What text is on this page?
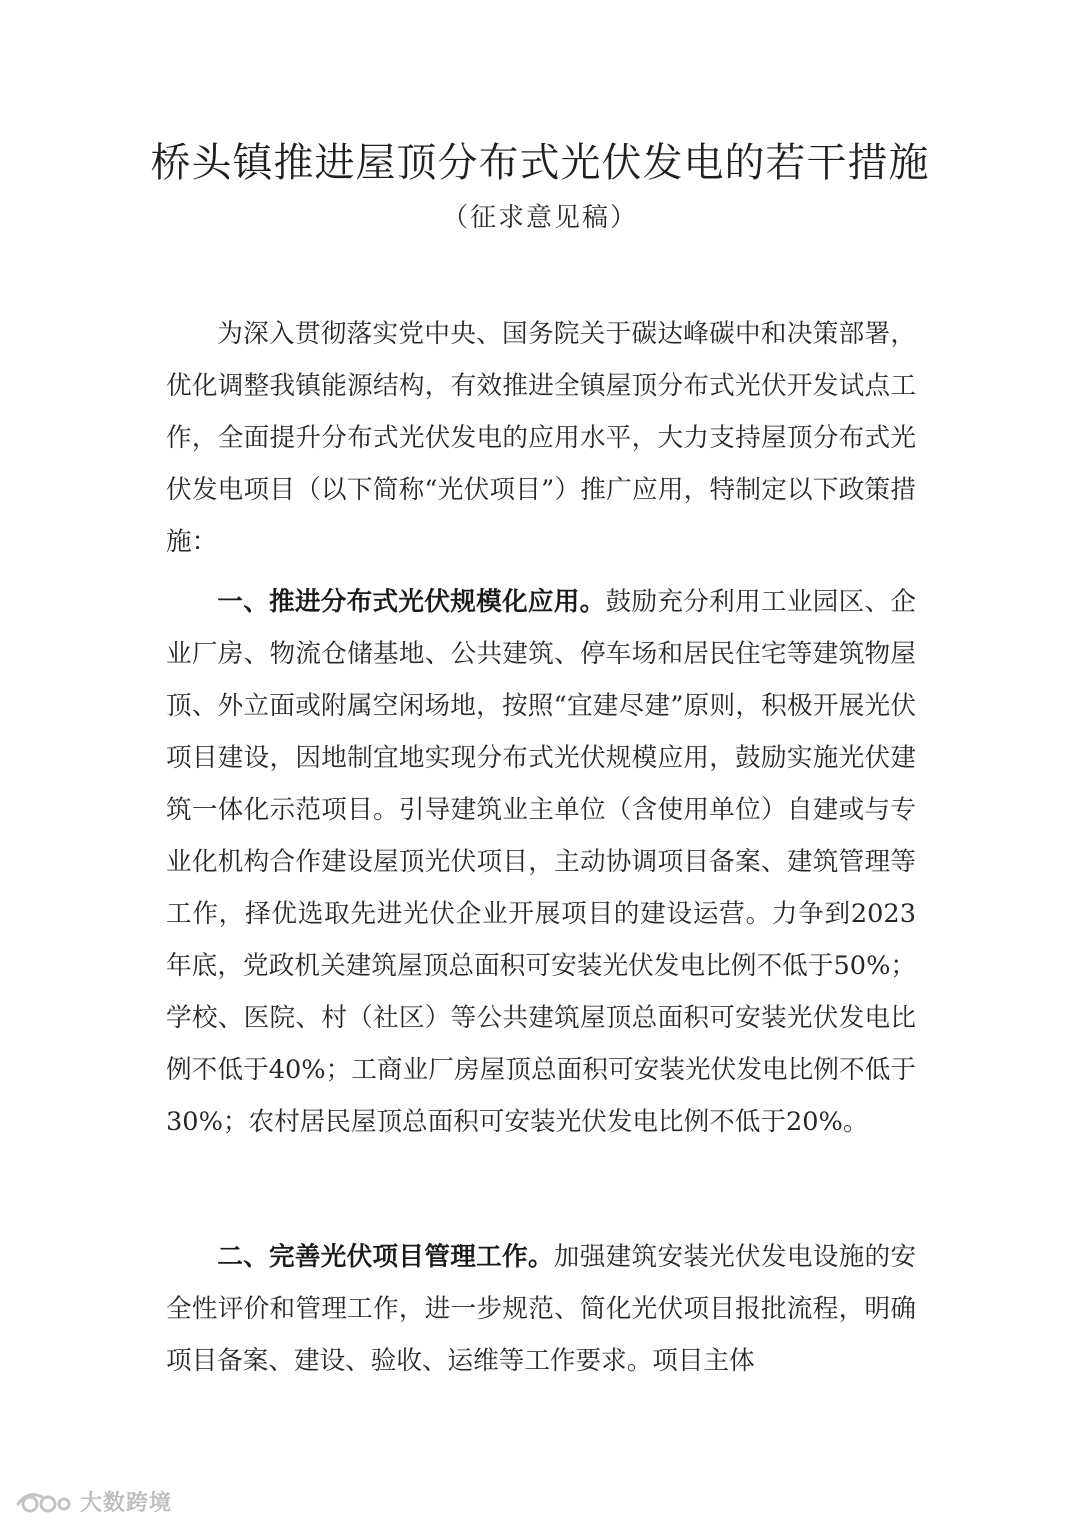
桥头镇推进屋顶分布式光伏发电的若干措施
（征求意见稿）

为深入贯彻落实党中央、国务院关于碳达峰碳中和决策部署，优化调整我镇能源结构，有效推进全镇屋顶分布式光伏开发试点工作，全面提升分布式光伏发电的应用水平，大力支持屋顶分布式光伏发电项目（以下简称“光伏项目”）推广应用，特制定以下政策措施：

一、推进分布式光伏规模化应用。鼓励充分利用工业园区、企业厂房、物流仓储基地、公共建筑、停车场和居民住宅等建筑物屋顶、外立面或附属空闲场地，按照“宜建尽建”原则，积极开展光伏项目建设，因地制宜地实现分布式光伏规模应用，鼓励实施光伏建筑一体化示范项目。引导建筑业主单位（含使用单位）自建或与专业化机构合作建设屋顶光伏项目，主动协调项目备案、建筑管理等工作，择优选取先进光伏企业开展项目的建设运营。力争到2023年底，党政机关建筑屋顶总面积可安装光伏发电比例不低于50%；学校、医院、村（社区）等公共建筑屋顶总面积可安装光伏发电比例不低于40%；工商业厂房屋顶总面积可安装光伏发电比例不低于30%；农村居民屋顶总面积可安装光伏发电比例不低于20%。

二、完善光伏项目管理工作。加强建筑安装光伏发电设施的安全性评价和管理工作，进一步规范、简化光伏项目报批流程，明确项目备案、建设、验收、运维等工作要求。项目主体

大数跨境
